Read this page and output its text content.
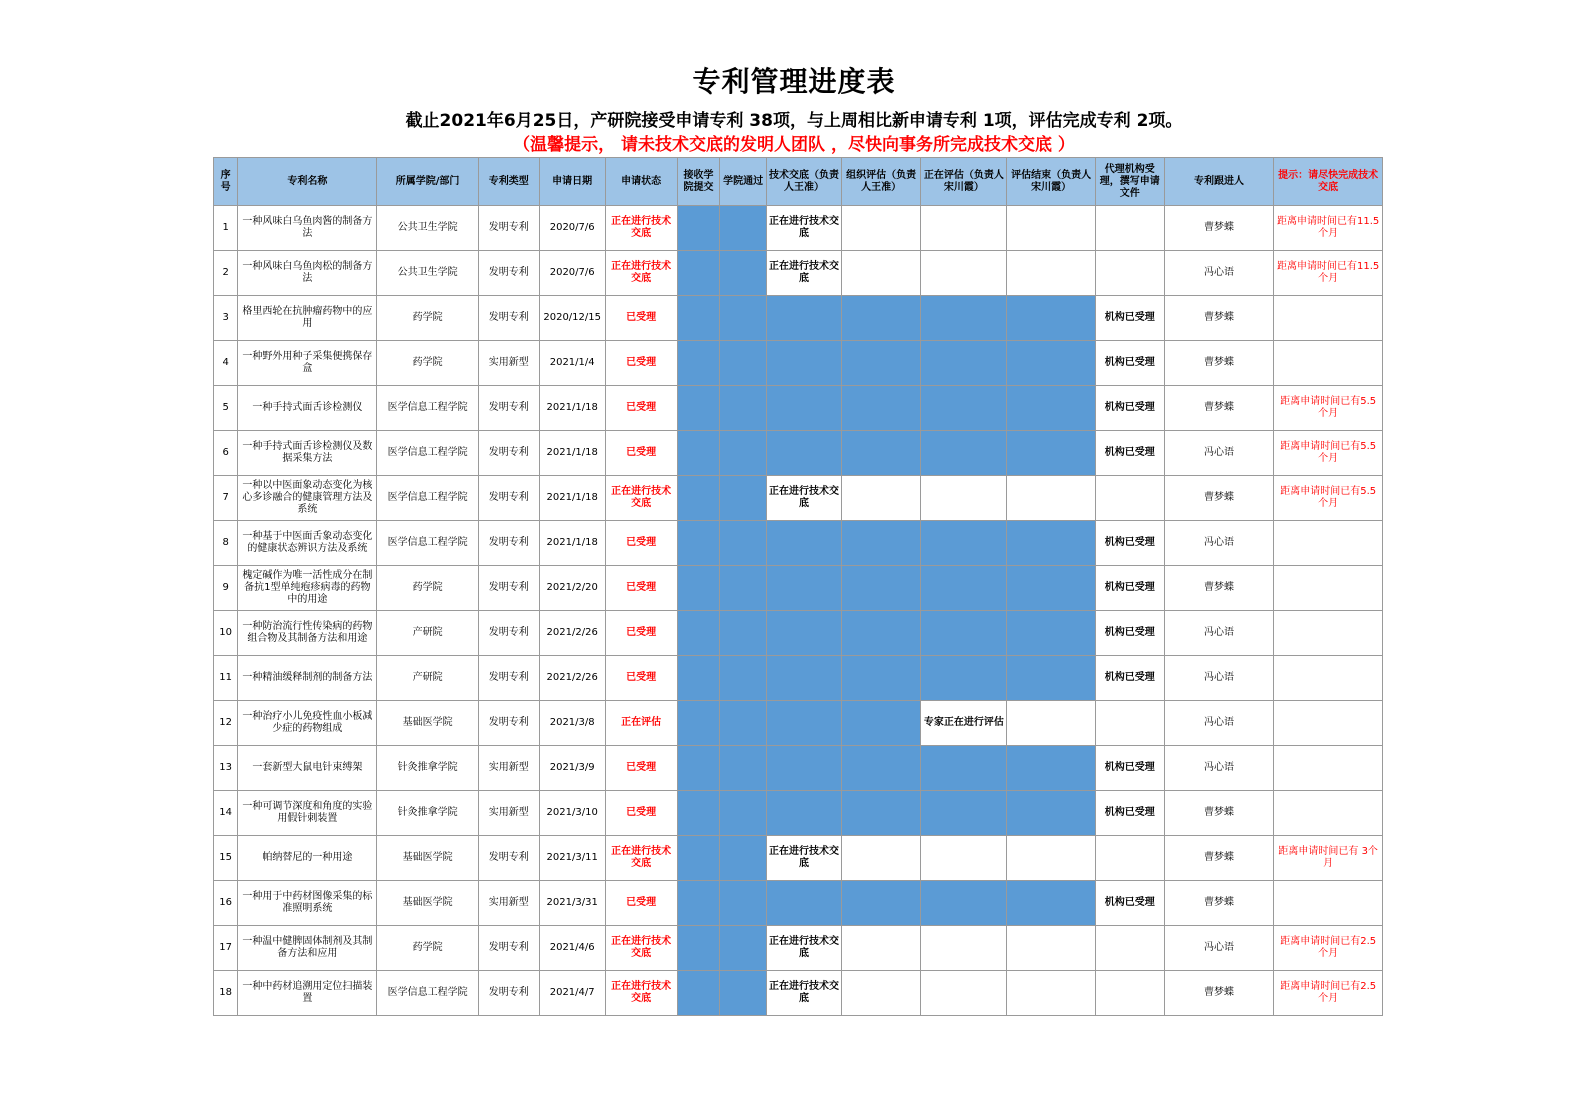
专利管理进度表
截止2021年6月25日，产研院接受申请专利 38项，与上周相比新申请专利 1项，评估完成专利 2项。
（温馨提示， 请未技术交底的发明人团队 ，尽快向事务所完成技术交底 ）
序号	专利名称	所属学院/部门	专利类型	申请日期	申请状态	接收学院提交	学院通过	技术交底（负责人王准）	组织评估（负责人王准）	正在评估（负责人宋川霞）	评估结束（负责人宋川霞）	代理机构受理，撰写申请文件	专利跟进人	提示：请尽快完成技术交底
1	一种风味白乌鱼肉酱的制备方法	公共卫生学院	发明专利	2020/7/6	正在进行技术交底			正在进行技术交底					曹梦蝶	距离申请时间已有11.5个月
2	一种风味白乌鱼肉松的制备方法	公共卫生学院	发明专利	2020/7/6	正在进行技术交底			正在进行技术交底					冯心语	距离申请时间已有11.5个月
3	格里西轮在抗肿瘤药物中的应用	药学院	发明专利	2020/12/15	已受理							机构已受理	曹梦蝶	
4	一种野外用种子采集便携保存盒	药学院	实用新型	2021/1/4	已受理							机构已受理	曹梦蝶	
5	一种手持式面舌诊检测仪	医学信息工程学院	发明专利	2021/1/18	已受理							机构已受理	曹梦蝶	距离申请时间已有5.5个月
6	一种手持式面舌诊检测仪及数据采集方法	医学信息工程学院	发明专利	2021/1/18	已受理							机构已受理	冯心语	距离申请时间已有5.5个月
7	一种以中医面象动态变化为核心多诊融合的健康管理方法及系统	医学信息工程学院	发明专利	2021/1/18	正在进行技术交底			正在进行技术交底					曹梦蝶	距离申请时间已有5.5个月
8	一种基于中医面舌象动态变化的健康状态辨识方法及系统	医学信息工程学院	发明专利	2021/1/18	已受理							机构已受理	冯心语	
9	槐定碱作为唯一活性成分在制备抗1型单纯疱疹病毒的药物中的用途	药学院	发明专利	2021/2/20	已受理							机构已受理	曹梦蝶	
10	一种防治流行性传染病的药物组合物及其制备方法和用途	产研院	发明专利	2021/2/26	已受理							机构已受理	冯心语	
11	一种精油缓释制剂的制备方法	产研院	发明专利	2021/2/26	已受理							机构已受理	冯心语	
12	一种治疗小儿免疫性血小板减少症的药物组成	基础医学院	发明专利	2021/3/8	正在评估					专家正在进行评估			冯心语	
13	一套新型大鼠电针束缚架	针灸推拿学院	实用新型	2021/3/9	已受理							机构已受理	冯心语	
14	一种可调节深度和角度的实验用假针刺装置	针灸推拿学院	实用新型	2021/3/10	已受理							机构已受理	曹梦蝶	
15	帕纳替尼的一种用途	基础医学院	发明专利	2021/3/11	正在进行技术交底			正在进行技术交底					曹梦蝶	距离申请时间已有 3个月
16	一种用于中药材图像采集的标准照明系统	基础医学院	实用新型	2021/3/31	已受理							机构已受理	曹梦蝶	
17	一种温中健脾固体制剂及其制备方法和应用	药学院	发明专利	2021/4/6	正在进行技术交底			正在进行技术交底					冯心语	距离申请时间已有2.5个月
18	一种中药材追溯用定位扫描装置	医学信息工程学院	发明专利	2021/4/7	正在进行技术交底			正在进行技术交底					曹梦蝶	距离申请时间已有2.5个月
